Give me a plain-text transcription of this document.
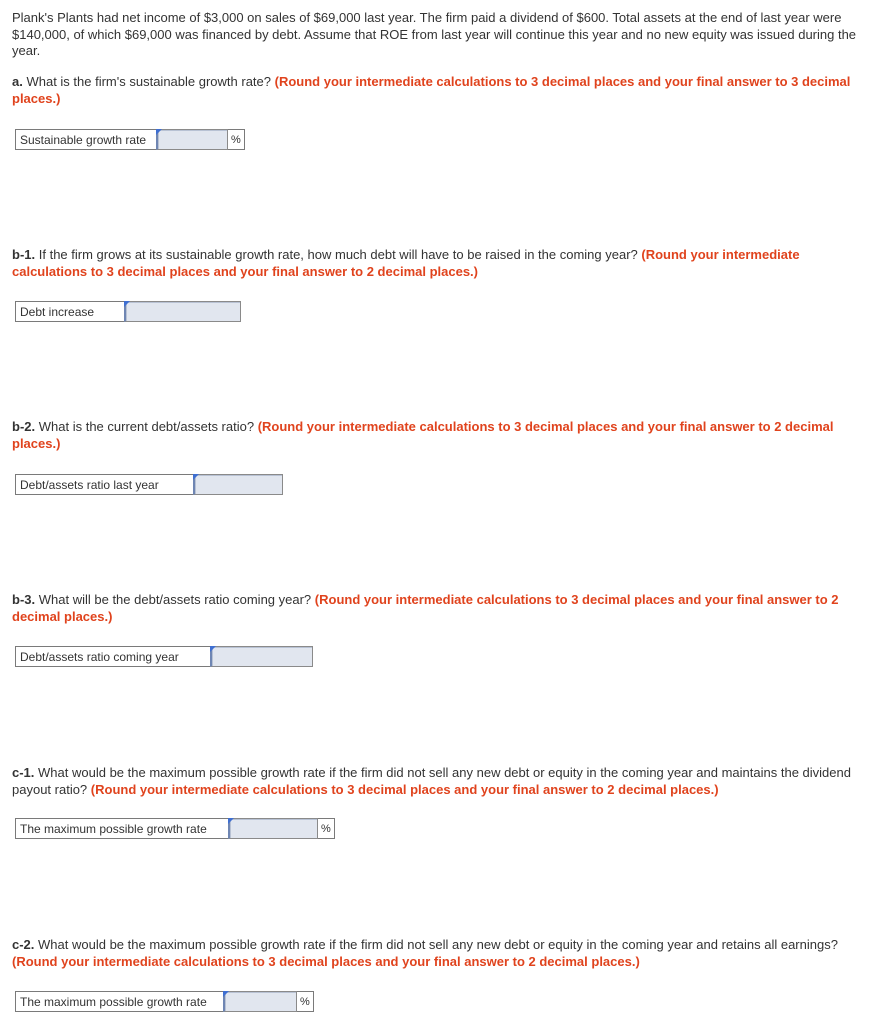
Plank's Plants had net income of $3,000 on sales of $69,000 last year. The firm paid a dividend of $600. Total assets at the end of last year were $140,000, of which $69,000 was financed by debt. Assume that ROE from last year will continue this year and no new equity was issued during the year.

a. What is the firm's sustainable growth rate? (Round your intermediate calculations to 3 decimal places and your final answer to 3 decimal places.)

Sustainable growth rate	%

b-1. If the firm grows at its sustainable growth rate, how much debt will have to be raised in the coming year? (Round your intermediate calculations to 3 decimal places and your final answer to 2 decimal places.)

Debt increase

b-2. What is the current debt/assets ratio? (Round your intermediate calculations to 3 decimal places and your final answer to 2 decimal places.)

Debt/assets ratio last year

b-3. What will be the debt/assets ratio coming year? (Round your intermediate calculations to 3 decimal places and your final answer to 2 decimal places.)

Debt/assets ratio coming year

c-1. What would be the maximum possible growth rate if the firm did not sell any new debt or equity in the coming year and maintains the dividend payout ratio? (Round your intermediate calculations to 3 decimal places and your final answer to 2 decimal places.)

The maximum possible growth rate	%

c-2. What would be the maximum possible growth rate if the firm did not sell any new debt or equity in the coming year and retains all earnings? (Round your intermediate calculations to 3 decimal places and your final answer to 2 decimal places.)

The maximum possible growth rate	%
